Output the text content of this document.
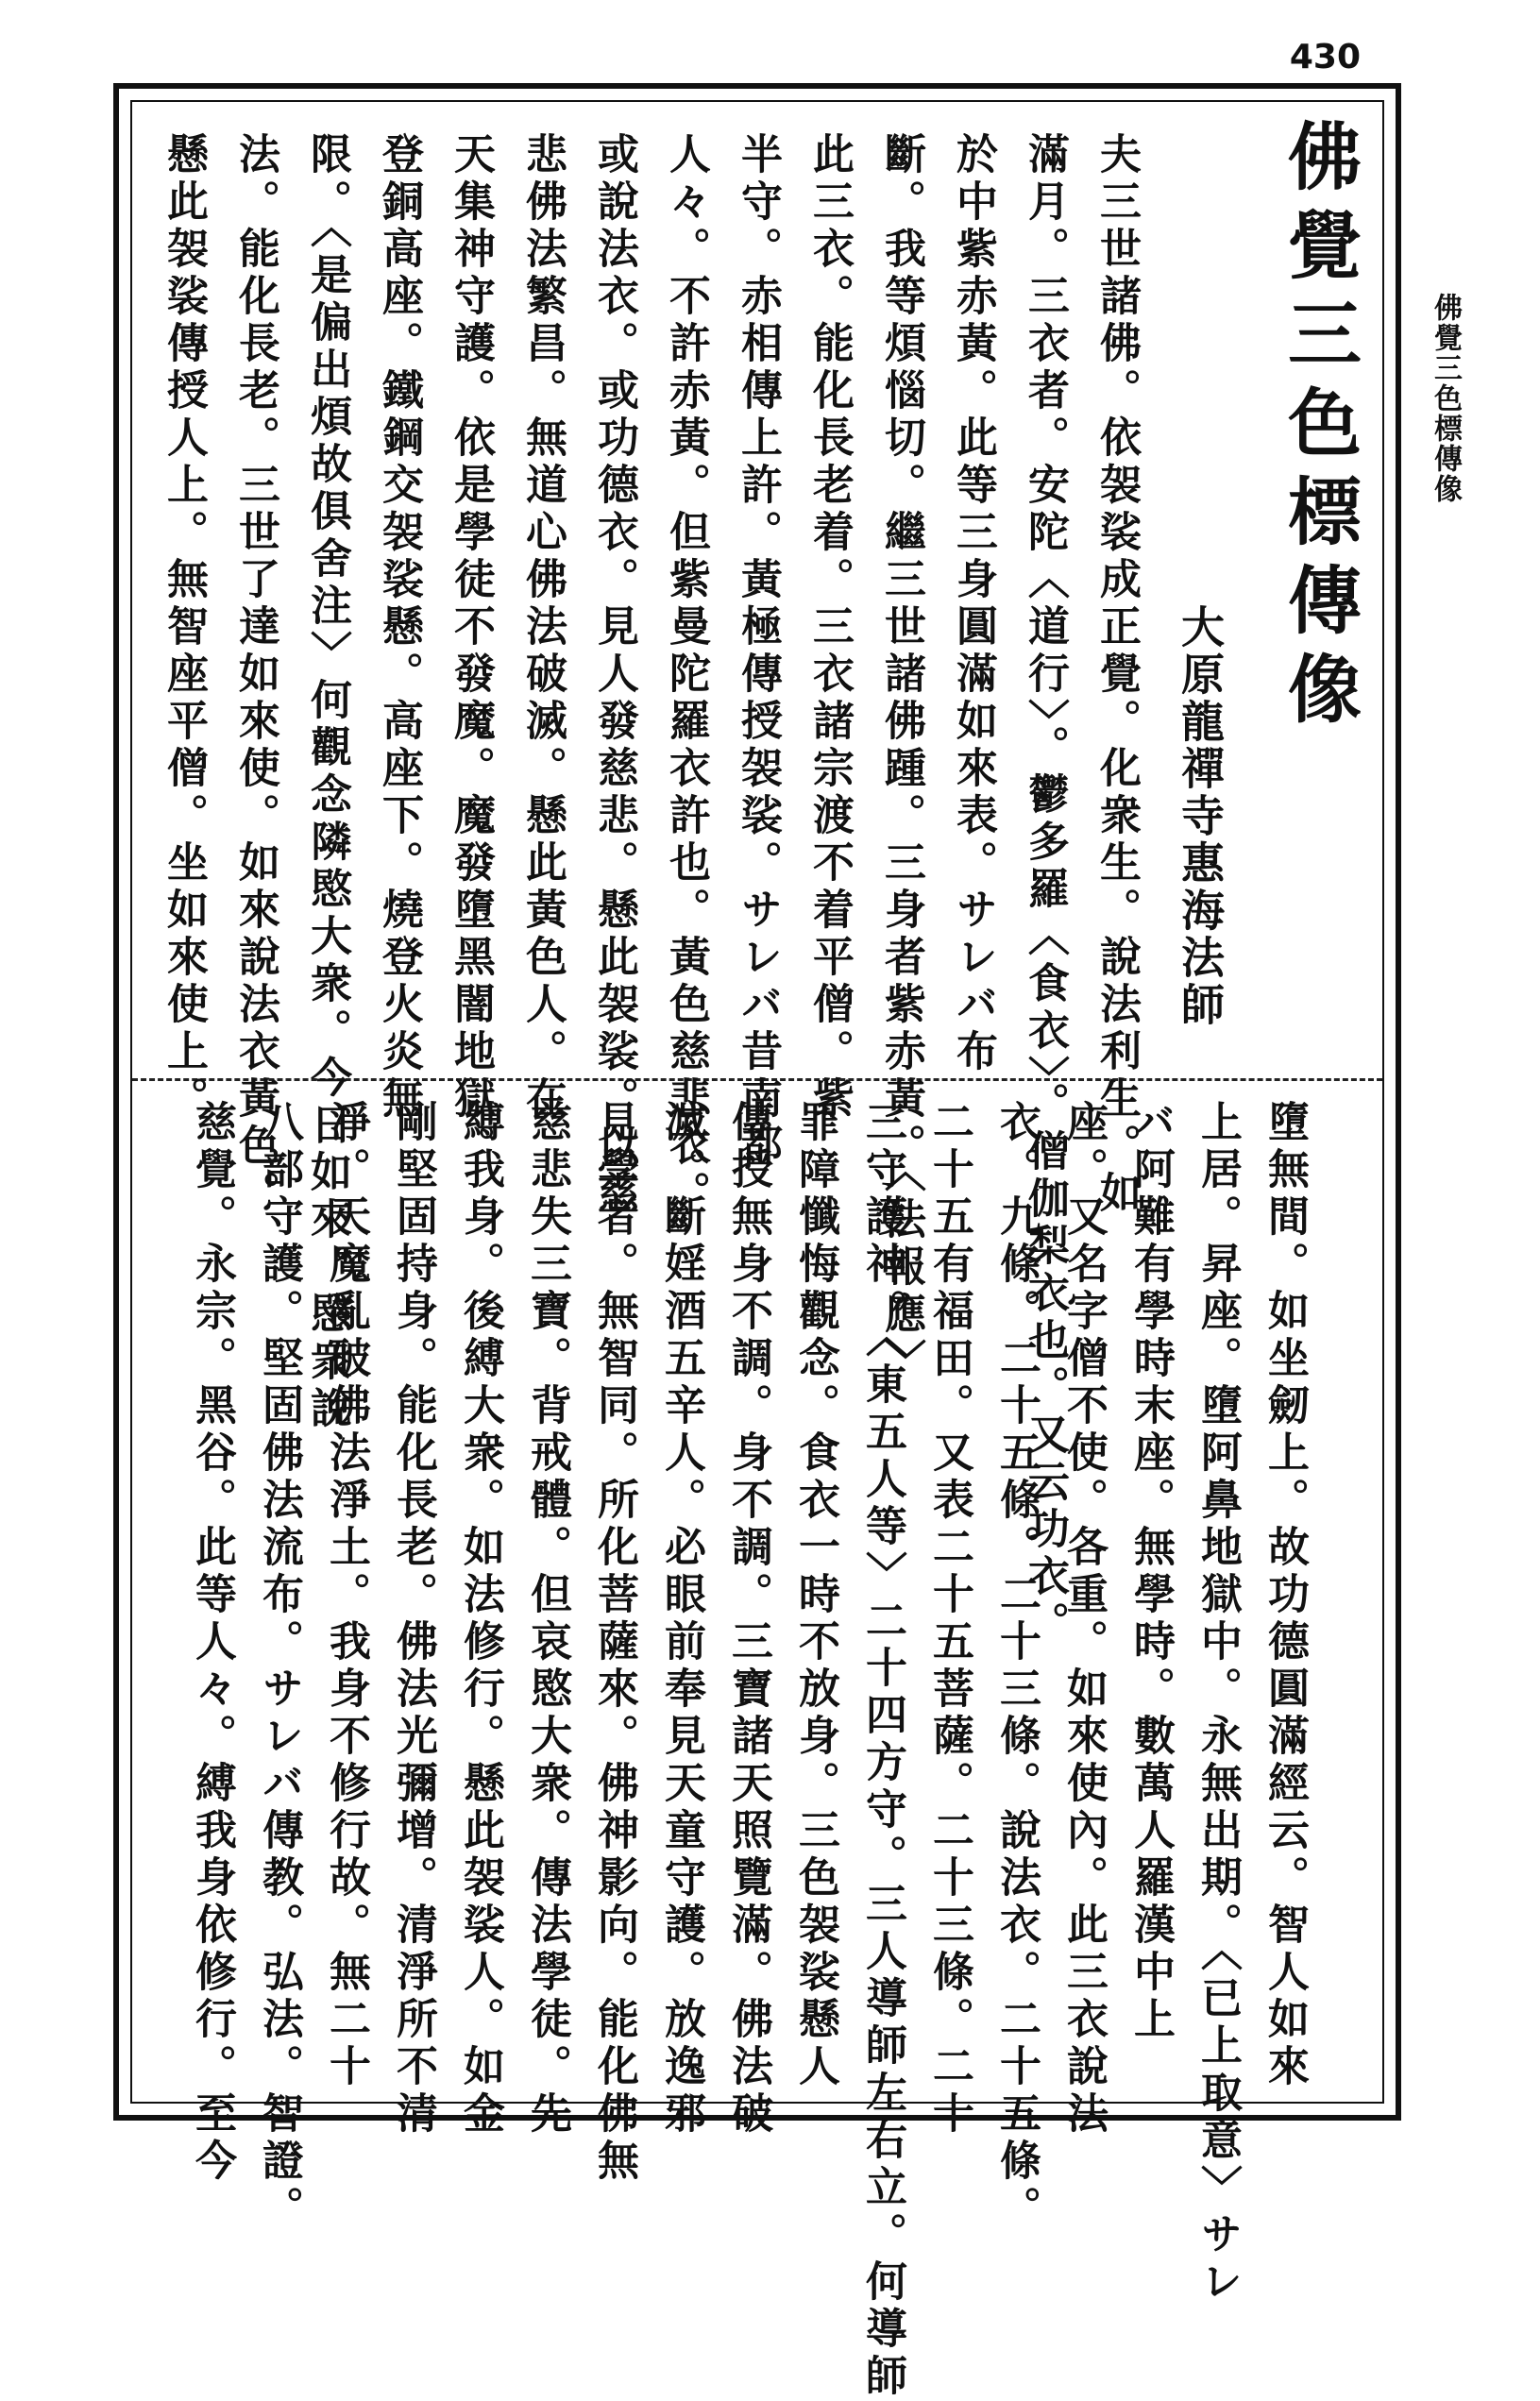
430
佛覺三色標傳像
佛覺三色標傳像
大原龍禪寺惠海法師
夫三世諸佛。依袈裟成正覺。化衆生。說法利生。如
滿月。三衣者。安陀〈道行〉。鬱多羅〈食衣〉。僧伽梨衣也。又云功衣。
於中紫赤黃。此等三身圓滿如來表。サレバ布
斷。我等煩惱切。繼三世諸佛踵。三身者紫赤黃。〈法報應〉
此三衣。能化長老着。三衣諸宗渡不着平僧。紫
半守。赤相傳上許。黃極傳授袈裟。サレバ昔南都
人々。不許赤黃。但紫曼陀羅衣許也。黃色慈悲衣。
或說法衣。或功德衣。見人發慈悲。懸此袈裟。以慈
悲佛法繁昌。無道心佛法破滅。懸此黃色人。在
天集神守護。依是學徒不發魔。魔發墮黑闇地獄。
登銅高座。鐵鋼交袈裟懸。高座下。燒登火炎無
限。〈是偏出煩故俱舍注〉何觀念隣愍大衆。今日如來。愍衆說
法。能化長老。三世了達如來使。如來說法衣黃色。
懸此袈裟傳授人上。無智座平僧。坐如來使上。
墮無間。如坐劒上。故功德圓滿經云。智人如來
上居。昇座。墮阿鼻地獄中。永無出期。〈已上取意〉サレ
バ阿難有學時末座。無學時。數萬人羅漢中上
座。又名字僧不使。各重。如來使內。此三衣說法
衣。九條。二十五條。二十三條。說法衣。二十五條。
二十五有福田。又表二十五菩薩。二十三條。二十
三守護神。〈東五人等〉二十四方守。三人導師左右立。何導師
罪障懺悔觀念。食衣一時不放身。三色袈裟懸人
傳授無身不調。身不調。三寶諸天照覽滿。佛法破
滅。斷婬酒五辛人。必眼前奉見天童守護。放逸邪
見學者。無智同。所化菩薩來。佛神影向。能化佛無
慈悲失三寶。背戒體。但哀愍大衆。傳法學徒。先
縛我身。後縛大衆。如法修行。懸此袈裟人。如金
剛堅固持身。能化長老。佛法光彌增。清淨所不清
淨。天魔亂破佛法淨土。我身不修行故。無二十
八部守護。堅固佛法流布。サレバ傳教。弘法。智證。
慈覺。永宗。黑谷。此等人々。縛我身依修行。至今
